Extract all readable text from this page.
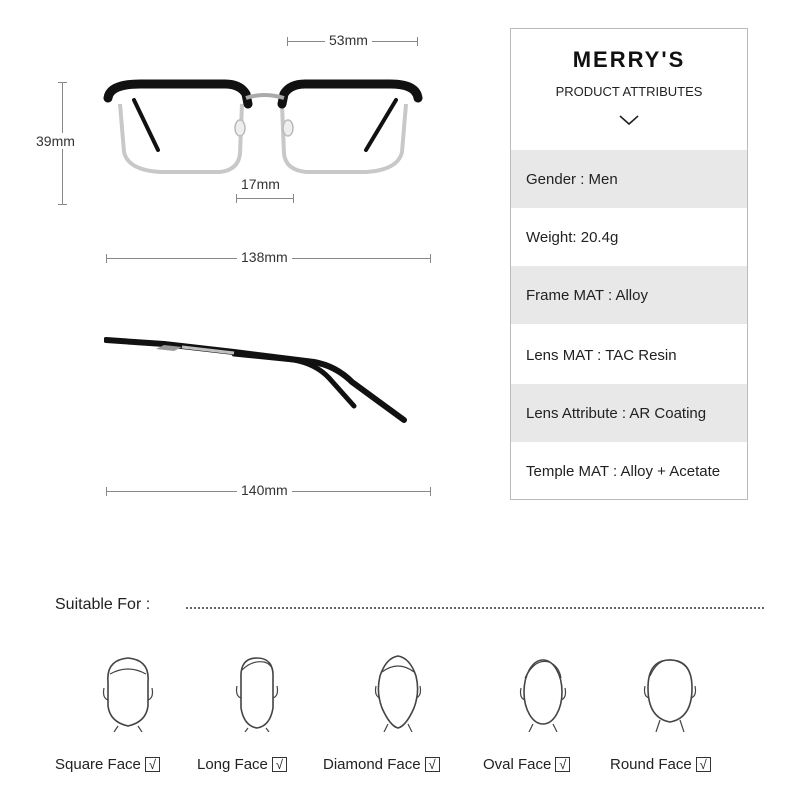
53mm
39mm
17mm
138mm
140mm
MERRY'S
PRODUCT ATTRIBUTES
Gender : Men
Weight: 20.4g
Frame MAT : Alloy
Lens MAT : TAC Resin
Lens Attribute : AR Coating
Temple MAT : Alloy + Acetate
Suitable For :
Square Face √	Long Face √	Diamond Face √	Oval Face √	Round Face √
